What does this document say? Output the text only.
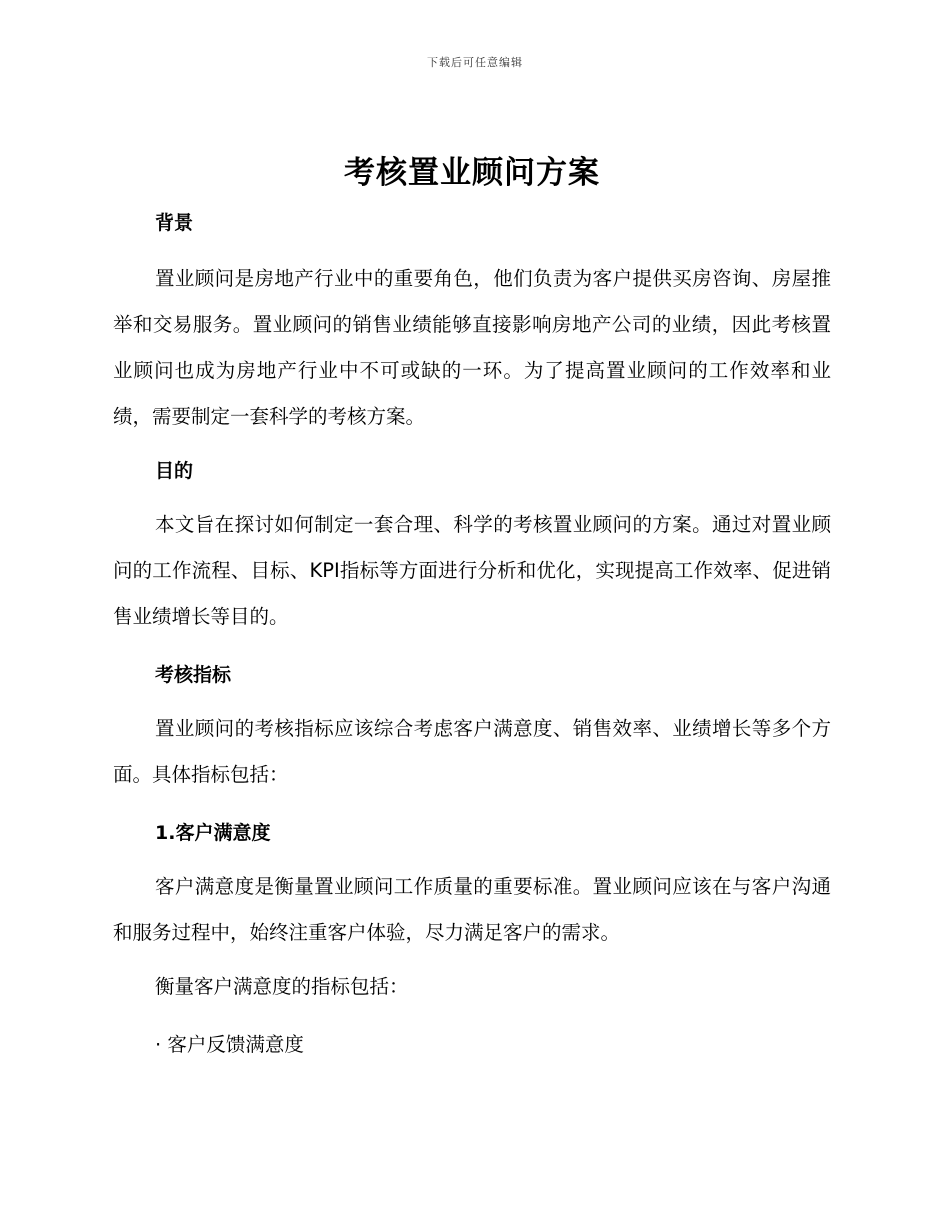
下载后可任意编辑
考核置业顾问方案
背景

置业顾问是房地产行业中的重要角色，他们负责为客户提供买房咨询、房屋推举和交易服务。置业顾问的销售业绩能够直接影响房地产公司的业绩，因此考核置业顾问也成为房地产行业中不可或缺的一环。为了提高置业顾问的工作效率和业绩，需要制定一套科学的考核方案。

目的

本文旨在探讨如何制定一套合理、科学的考核置业顾问的方案。通过对置业顾问的工作流程、目标、KPI指标等方面进行分析和优化，实现提高工作效率、促进销售业绩增长等目的。

考核指标

置业顾问的考核指标应该综合考虑客户满意度、销售效率、业绩增长等多个方面。具体指标包括：

1.客户满意度

客户满意度是衡量置业顾问工作质量的重要标准。置业顾问应该在与客户沟通和服务过程中，始终注重客户体验，尽力满足客户的需求。

衡量客户满意度的指标包括：

· 客户反馈满意度
